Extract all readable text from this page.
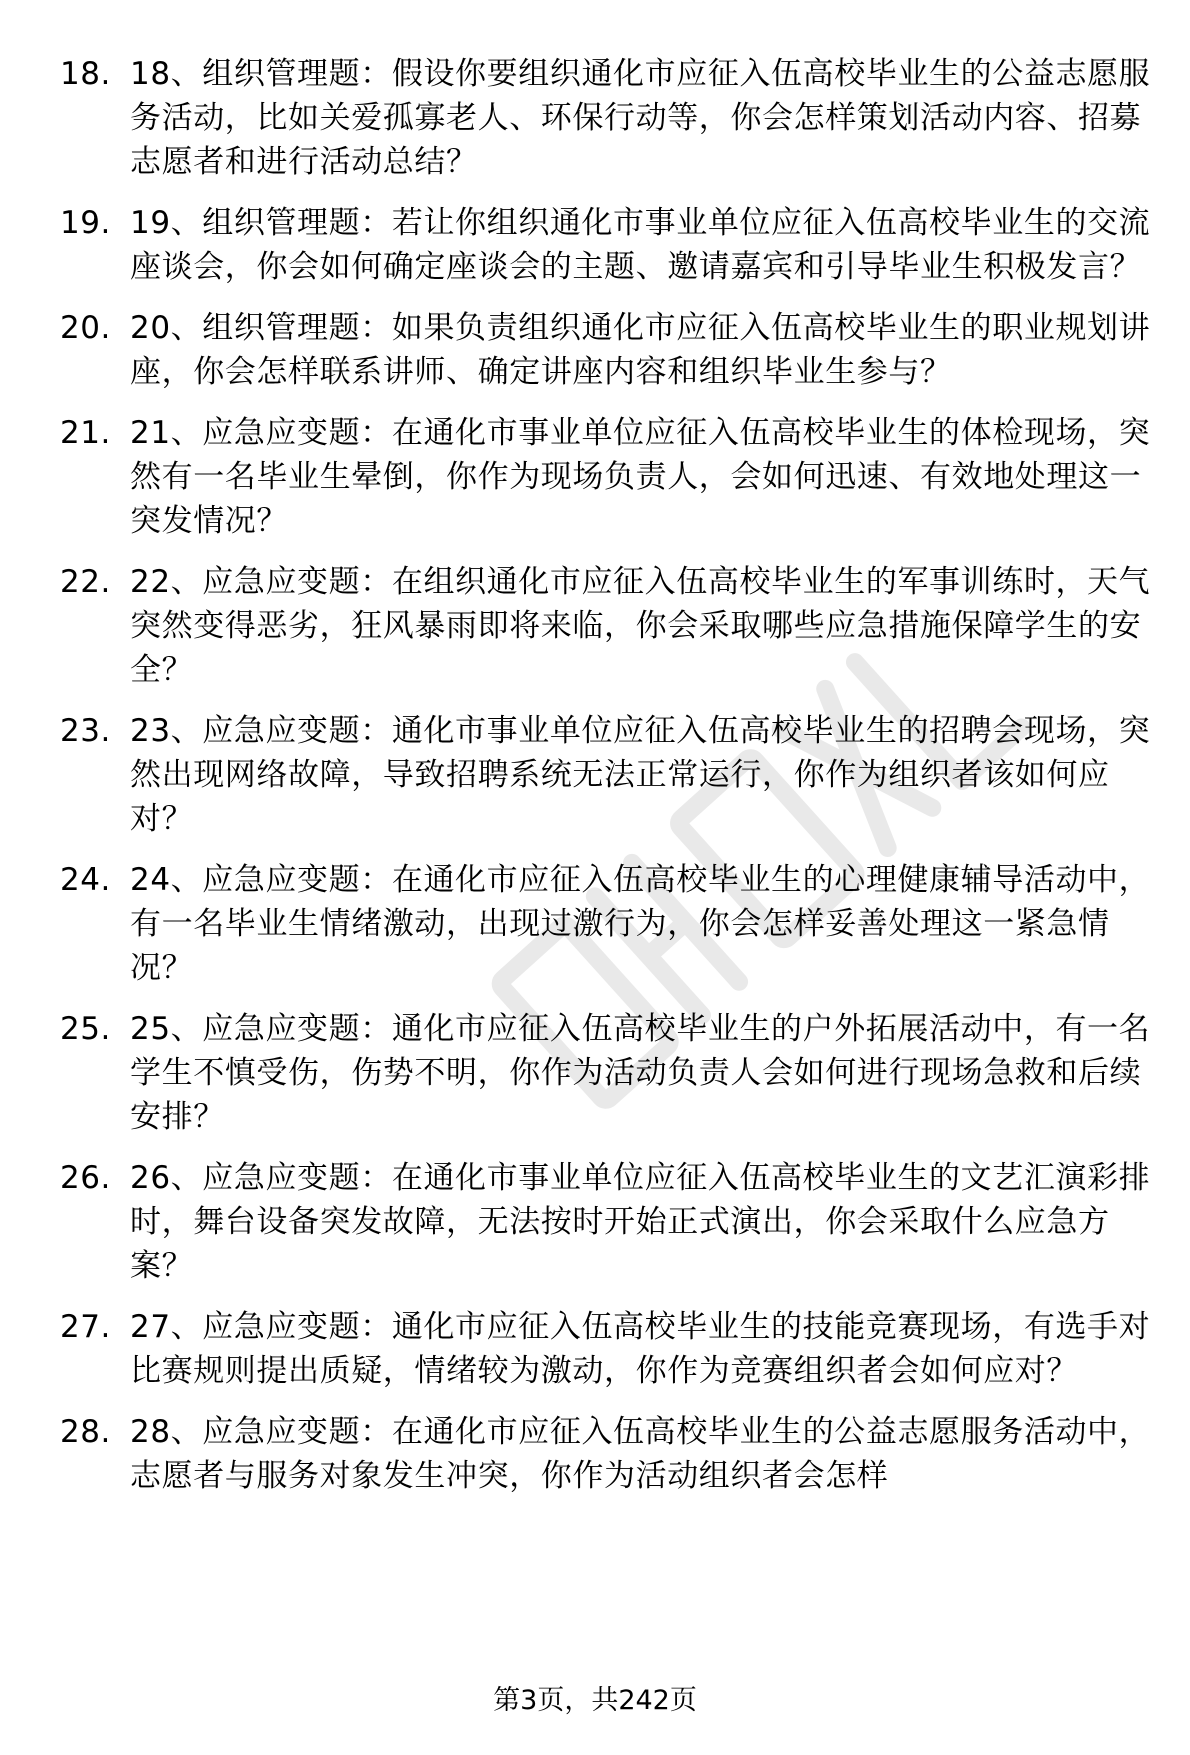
18. 18、组织管理题：假设你要组织通化市应征入伍高校毕业生的公益志愿服务活动，比如关爱孤寡老人、环保行动等，你会怎样策划活动内容、招募志愿者和进行活动总结？
19. 19、组织管理题：若让你组织通化市事业单位应征入伍高校毕业生的交流座谈会，你会如何确定座谈会的主题、邀请嘉宾和引导毕业生积极发言？
20. 20、组织管理题：如果负责组织通化市应征入伍高校毕业生的职业规划讲座，你会怎样联系讲师、确定讲座内容和组织毕业生参与？
21. 21、应急应变题：在通化市事业单位应征入伍高校毕业生的体检现场，突然有一名毕业生晕倒，你作为现场负责人，会如何迅速、有效地处理这一突发情况？
22. 22、应急应变题：在组织通化市应征入伍高校毕业生的军事训练时，天气突然变得恶劣，狂风暴雨即将来临，你会采取哪些应急措施保障学生的安全？
23. 23、应急应变题：通化市事业单位应征入伍高校毕业生的招聘会现场，突然出现网络故障，导致招聘系统无法正常运行，你作为组织者该如何应对？
24. 24、应急应变题：在通化市应征入伍高校毕业生的心理健康辅导活动中，有一名毕业生情绪激动，出现过激行为，你会怎样妥善处理这一紧急情况？
25. 25、应急应变题：通化市应征入伍高校毕业生的户外拓展活动中，有一名学生不慎受伤，伤势不明，你作为活动负责人会如何进行现场急救和后续安排？
26. 26、应急应变题：在通化市事业单位应征入伍高校毕业生的文艺汇演彩排时，舞台设备突发故障，无法按时开始正式演出，你会采取什么应急方案？
27. 27、应急应变题：通化市应征入伍高校毕业生的技能竞赛现场，有选手对比赛规则提出质疑，情绪较为激动，你作为竞赛组织者会如何应对？
28. 28、应急应变题：在通化市应征入伍高校毕业生的公益志愿服务活动中，志愿者与服务对象发生冲突，你作为活动组织者会怎样
第3页，共242页
